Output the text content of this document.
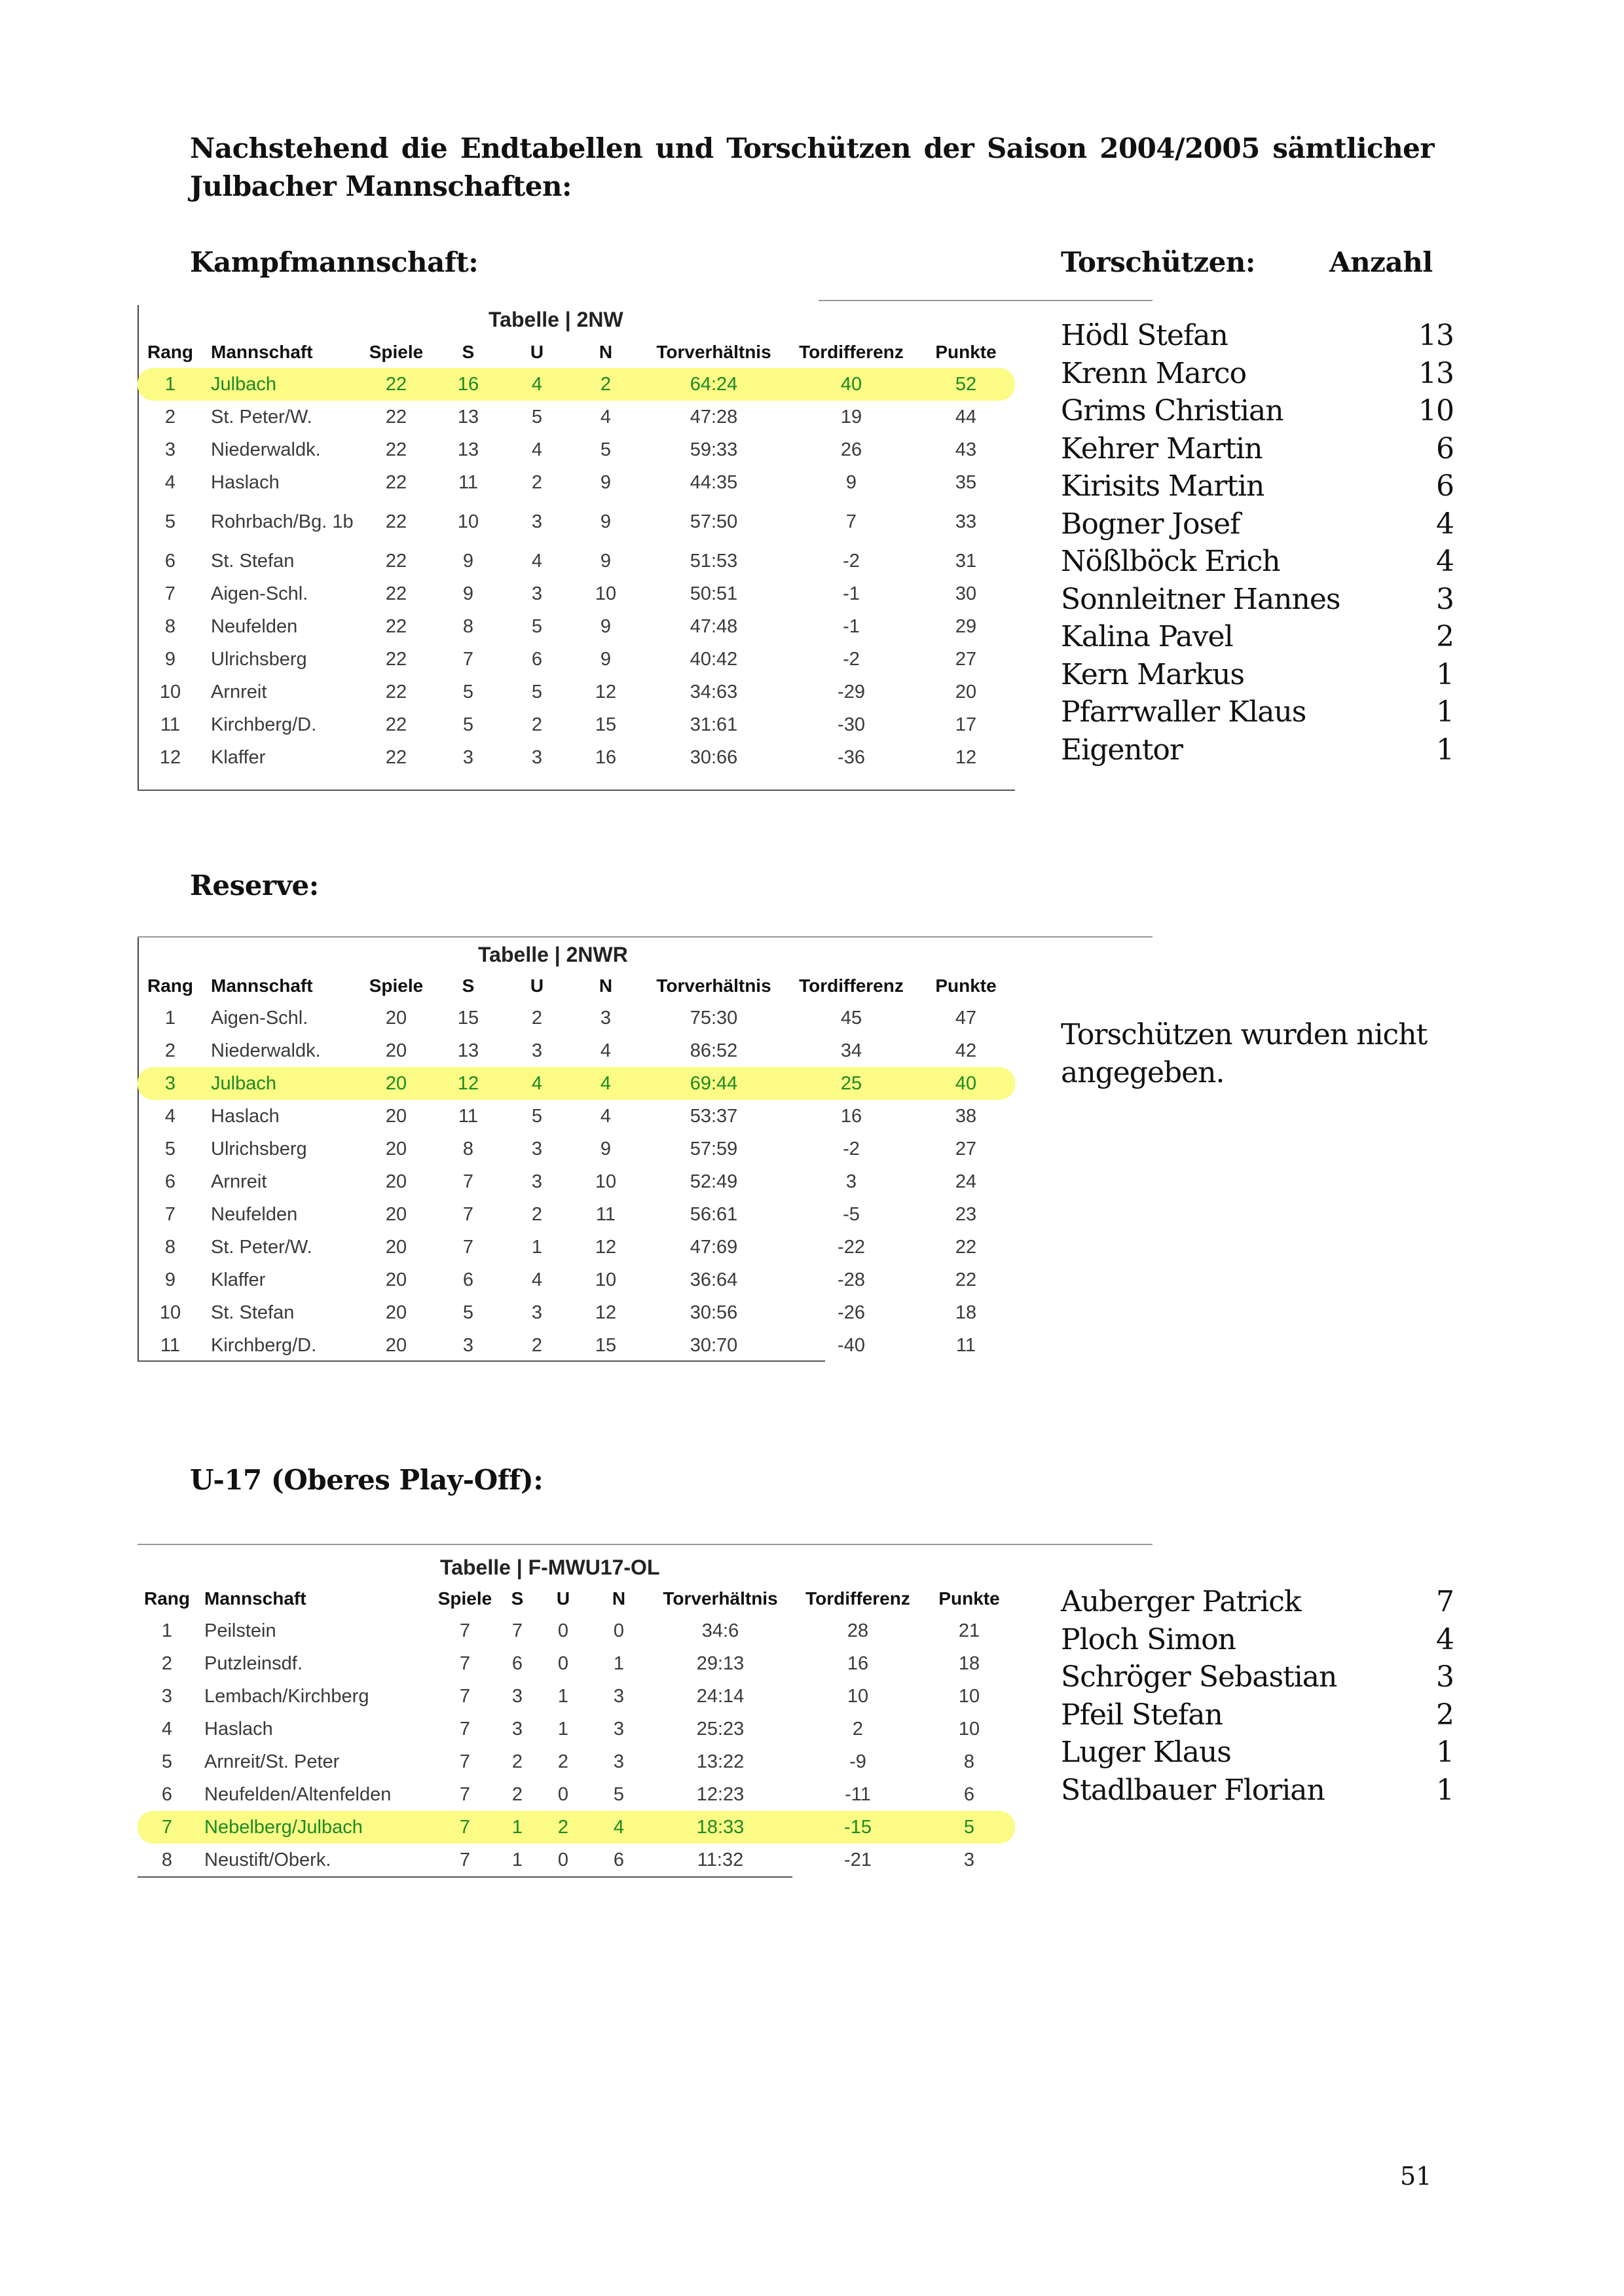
Nachstehend die Endtabellen und Torschützen der Saison 2004/2005 sämtlicher Julbacher Mannschaften:
Kampfmannschaft:	Torschützen:	Anzahl
Tabelle | 2NW
Rang	Mannschaft	Spiele	S	U	N	Torverhältnis	Tordifferenz	Punkte
1	Julbach	22	16	4	2	64:24	40	52
2	St. Peter/W.	22	13	5	4	47:28	19	44
3	Niederwaldk.	22	13	4	5	59:33	26	43
4	Haslach	22	11	2	9	44:35	9	35
5	Rohrbach/Bg. 1b	22	10	3	9	57:50	7	33
6	St. Stefan	22	9	4	9	51:53	-2	31
7	Aigen-Schl.	22	9	3	10	50:51	-1	30
8	Neufelden	22	8	5	9	47:48	-1	29
9	Ulrichsberg	22	7	6	9	40:42	-2	27
10	Arnreit	22	5	5	12	34:63	-29	20
11	Kirchberg/D.	22	5	2	15	31:61	-30	17
12	Klaffer	22	3	3	16	30:66	-36	12
Hödl Stefan	13
Krenn Marco	13
Grims Christian	10
Kehrer Martin	6
Kirisits Martin	6
Bogner Josef	4
Nößlböck Erich	4
Sonnleitner Hannes	3
Kalina Pavel	2
Kern Markus	1
Pfarrwaller Klaus	1
Eigentor	1
Reserve:
Tabelle | 2NWR
Rang	Mannschaft	Spiele	S	U	N	Torverhältnis	Tordifferenz	Punkte
1	Aigen-Schl.	20	15	2	3	75:30	45	47
2	Niederwaldk.	20	13	3	4	86:52	34	42
3	Julbach	20	12	4	4	69:44	25	40
4	Haslach	20	11	5	4	53:37	16	38
5	Ulrichsberg	20	8	3	9	57:59	-2	27
6	Arnreit	20	7	3	10	52:49	3	24
7	Neufelden	20	7	2	11	56:61	-5	23
8	St. Peter/W.	20	7	1	12	47:69	-22	22
9	Klaffer	20	6	4	10	36:64	-28	22
10	St. Stefan	20	5	3	12	30:56	-26	18
11	Kirchberg/D.	20	3	2	15	30:70	-40	11
Torschützen wurden nicht angegeben.
U-17 (Oberes Play-Off):
Tabelle | F-MWU17-OL
Rang	Mannschaft	Spiele	S	U	N	Torverhältnis	Tordifferenz	Punkte
1	Peilstein	7	7	0	0	34:6	28	21
2	Putzleinsdf.	7	6	0	1	29:13	16	18
3	Lembach/Kirchberg	7	3	1	3	24:14	10	10
4	Haslach	7	3	1	3	25:23	2	10
5	Arnreit/St. Peter	7	2	2	3	13:22	-9	8
6	Neufelden/Altenfelden	7	2	0	5	12:23	-11	6
7	Nebelberg/Julbach	7	1	2	4	18:33	-15	5
8	Neustift/Oberk.	7	1	0	6	11:32	-21	3
Auberger Patrick	7
Ploch Simon	4
Schröger Sebastian	3
Pfeil Stefan	2
Luger Klaus	1
Stadlbauer Florian	1
51
